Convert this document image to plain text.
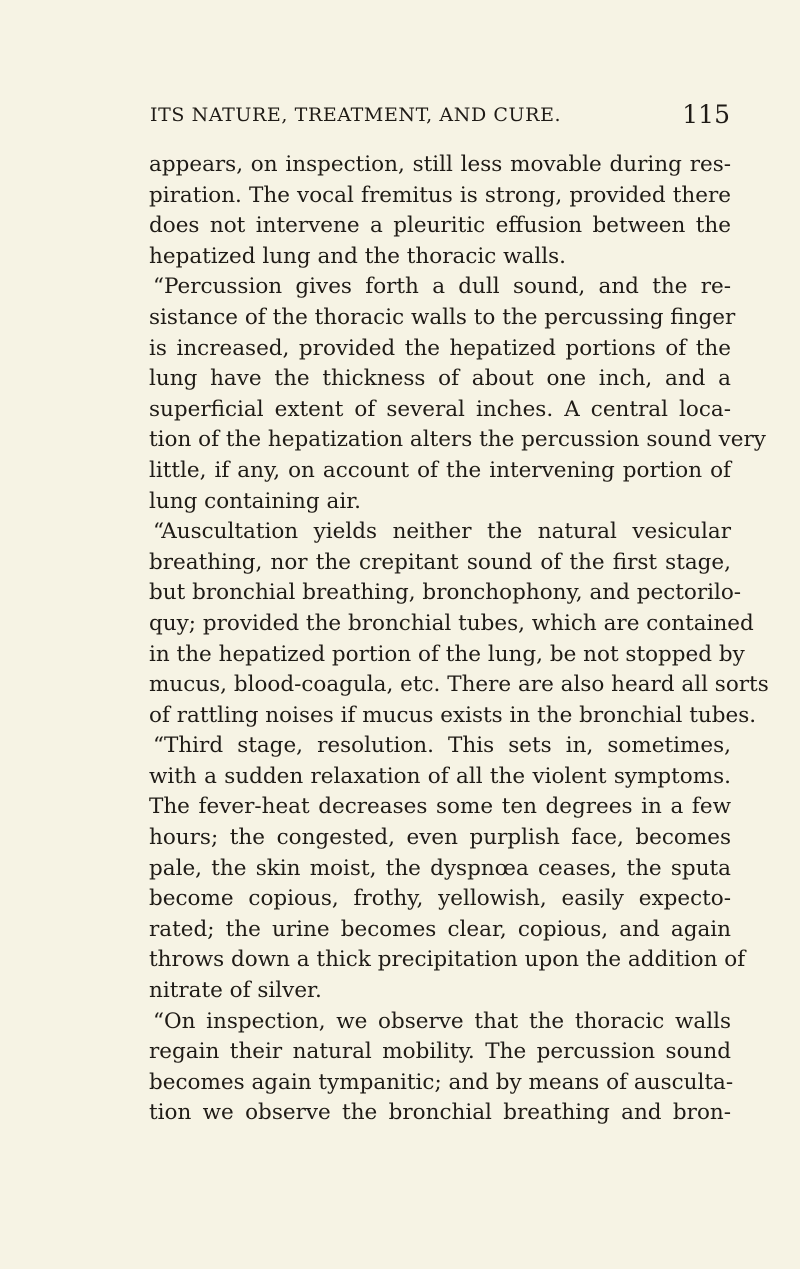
ITS NATURE, TREATMENT, AND CURE.	115
appears, on inspection, still less movable during res-
piration. The vocal fremitus is strong, provided there
does not intervene a pleuritic effusion between the
hepatized lung and the thoracic walls.
“Percussion gives forth a dull sound, and the re-
sistance of the thoracic walls to the percussing finger
is increased, provided the hepatized portions of the
lung have the thickness of about one inch, and a
superficial extent of several inches. A central loca-
tion of the hepatization alters the percussion sound very
little, if any, on account of the intervening portion of
lung containing air.
“Auscultation yields neither the natural vesicular
breathing, nor the crepitant sound of the first stage,
but bronchial breathing, bronchophony, and pectorilo-
quy; provided the bronchial tubes, which are contained
in the hepatized portion of the lung, be not stopped by
mucus, blood-coagula, etc. There are also heard all sorts
of rattling noises if mucus exists in the bronchial tubes.
“Third stage, resolution. This sets in, sometimes,
with a sudden relaxation of all the violent symptoms.
The fever-heat decreases some ten degrees in a few
hours; the congested, even purplish face, becomes
pale, the skin moist, the dyspnœa ceases, the sputa
become copious, frothy, yellowish, easily expecto-
rated; the urine becomes clear, copious, and again
throws down a thick precipitation upon the addition of
nitrate of silver.
“On inspection, we observe that the thoracic walls
regain their natural mobility. The percussion sound
becomes again tympanitic; and by means of ausculta-
tion we observe the bronchial breathing and bron-
